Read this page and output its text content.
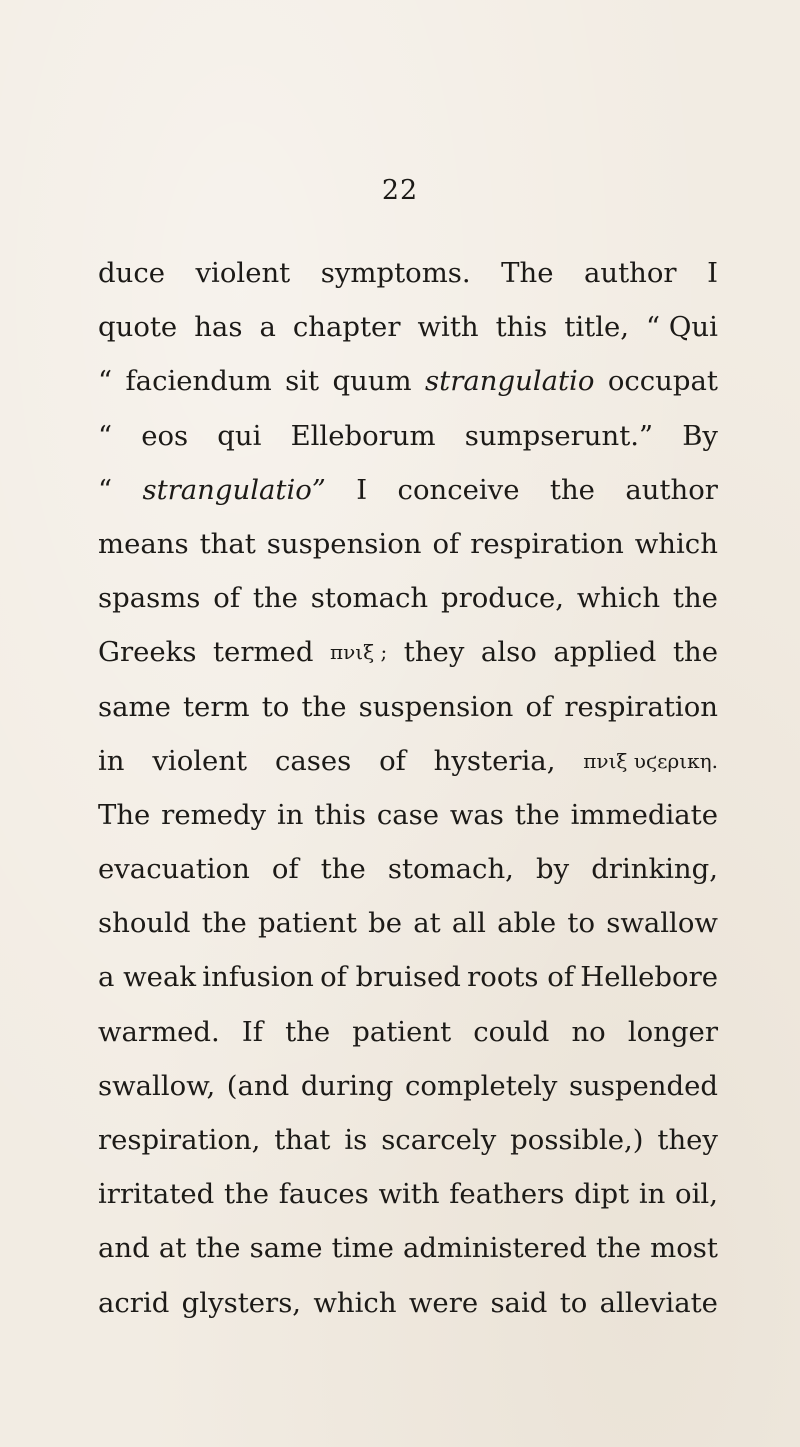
22
duce violent symptoms. The author I
quote has a chapter with this title, “ Qui
“ faciendum sit quum strangulatio occupat
“ eos qui Elleborum sumpserunt.” By
“ strangulatio” I conceive the author
means that suspension of respiration which
spasms of the stomach produce, which the
Greeks termed πνιξ ; they also applied the
same term to the suspension of respiration
in violent cases of hysteria, πνιξ υϛερικη.
The remedy in this case was the immediate
evacuation of the stomach, by drinking,
should the patient be at all able to swallow
a weak infusion of bruised roots of Hellebore
warmed. If the patient could no longer
swallow, (and during completely suspended
respiration, that is scarcely possible,) they
irritated the fauces with feathers dipt in oil,
and at the same time administered the most
acrid glysters, which were said to alleviate
